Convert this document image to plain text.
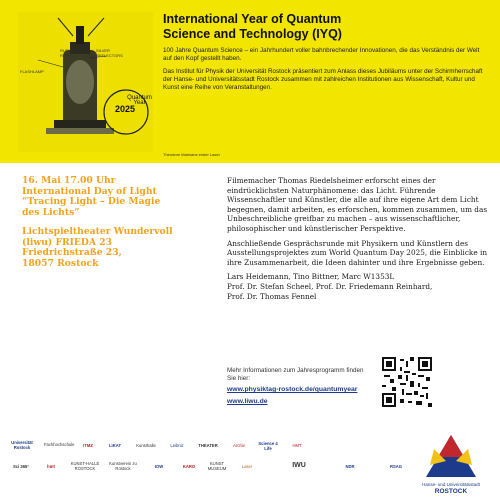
RUBY
ROD
SILVER
REFLECTORS
FLASHLAMP
2025
Quantum Year
Theodore Maimans erster Laser
International Year of Quantum
Science and Technology (IYQ)

100 Jahre Quantum Science – ein Jahrhundert voller bahnbrechender Innovationen, die das Verständnis der Welt auf den Kopf gestellt haben.

Das Institut für Physik der Universität Rostock präsentiert zum Anlass dieses Jubiläums unter der Schirmherrschaft der Hanse- und Universitätsstadt Rostock zusammen mit zahlreichen Institutionen aus Wissenschaft, Kultur und Kunst eine Reihe von Veranstaltungen.

16. Mai 17.00 Uhr
International Day of Light
“Tracing Light – Die Magie
des Lichts”
Lichtspieltheater Wundervoll
(liwu) FRIEDA 23
Friedrichstraße 23,
18057 Rostock

Filmemacher Thomas Riedelsheimer erforscht eines der eindrücklichsten Naturphänomene: das Licht. Führende Wissenschaftler und Künstler, die alle auf ihre eigene Art dem Licht begegnen, damit arbeiten, es erforschen, kommen zusammen, um das Unbeschreibliche greifbar zu machen – aus wissenschaftlicher, philosophischer und künstlerischer Perspektive.

Anschließende Gesprächsrunde mit Physikern und Künstlern des Ausstellungsprojektes zum World Quantum Day 2025, die Einblicke in ihre Zusammenarbeit, die Ideen dahinter und ihre Ergebnisse geben.

Lars Heidemann, Tino Bittner, Marc W1353L
Prof. Dr. Stefan Scheel, Prof. Dr. Friedemann Reinhard,
Prof. Dr. Thomas Fennel

Mehr Informationen zum Jahresprogramm finden Sie hier:
www.physiktag-rostock.de/quantumyear
www.liwu.de
Universität Rostock
Fachhochschule	ITMZ	LIKAT	Kunsthalle	Leibniz	THEATER	Archiv	Science 4 Life
HMT
Sci 365°	hmt
KUNST-HALLE ROSTOCK
Kunstverein zu Rostock	IOW	KARO
KUNST MUSEUM	Laser	IWU	NDR	RSAG
Hanse- und Universitätsstadt
ROSTOCK
